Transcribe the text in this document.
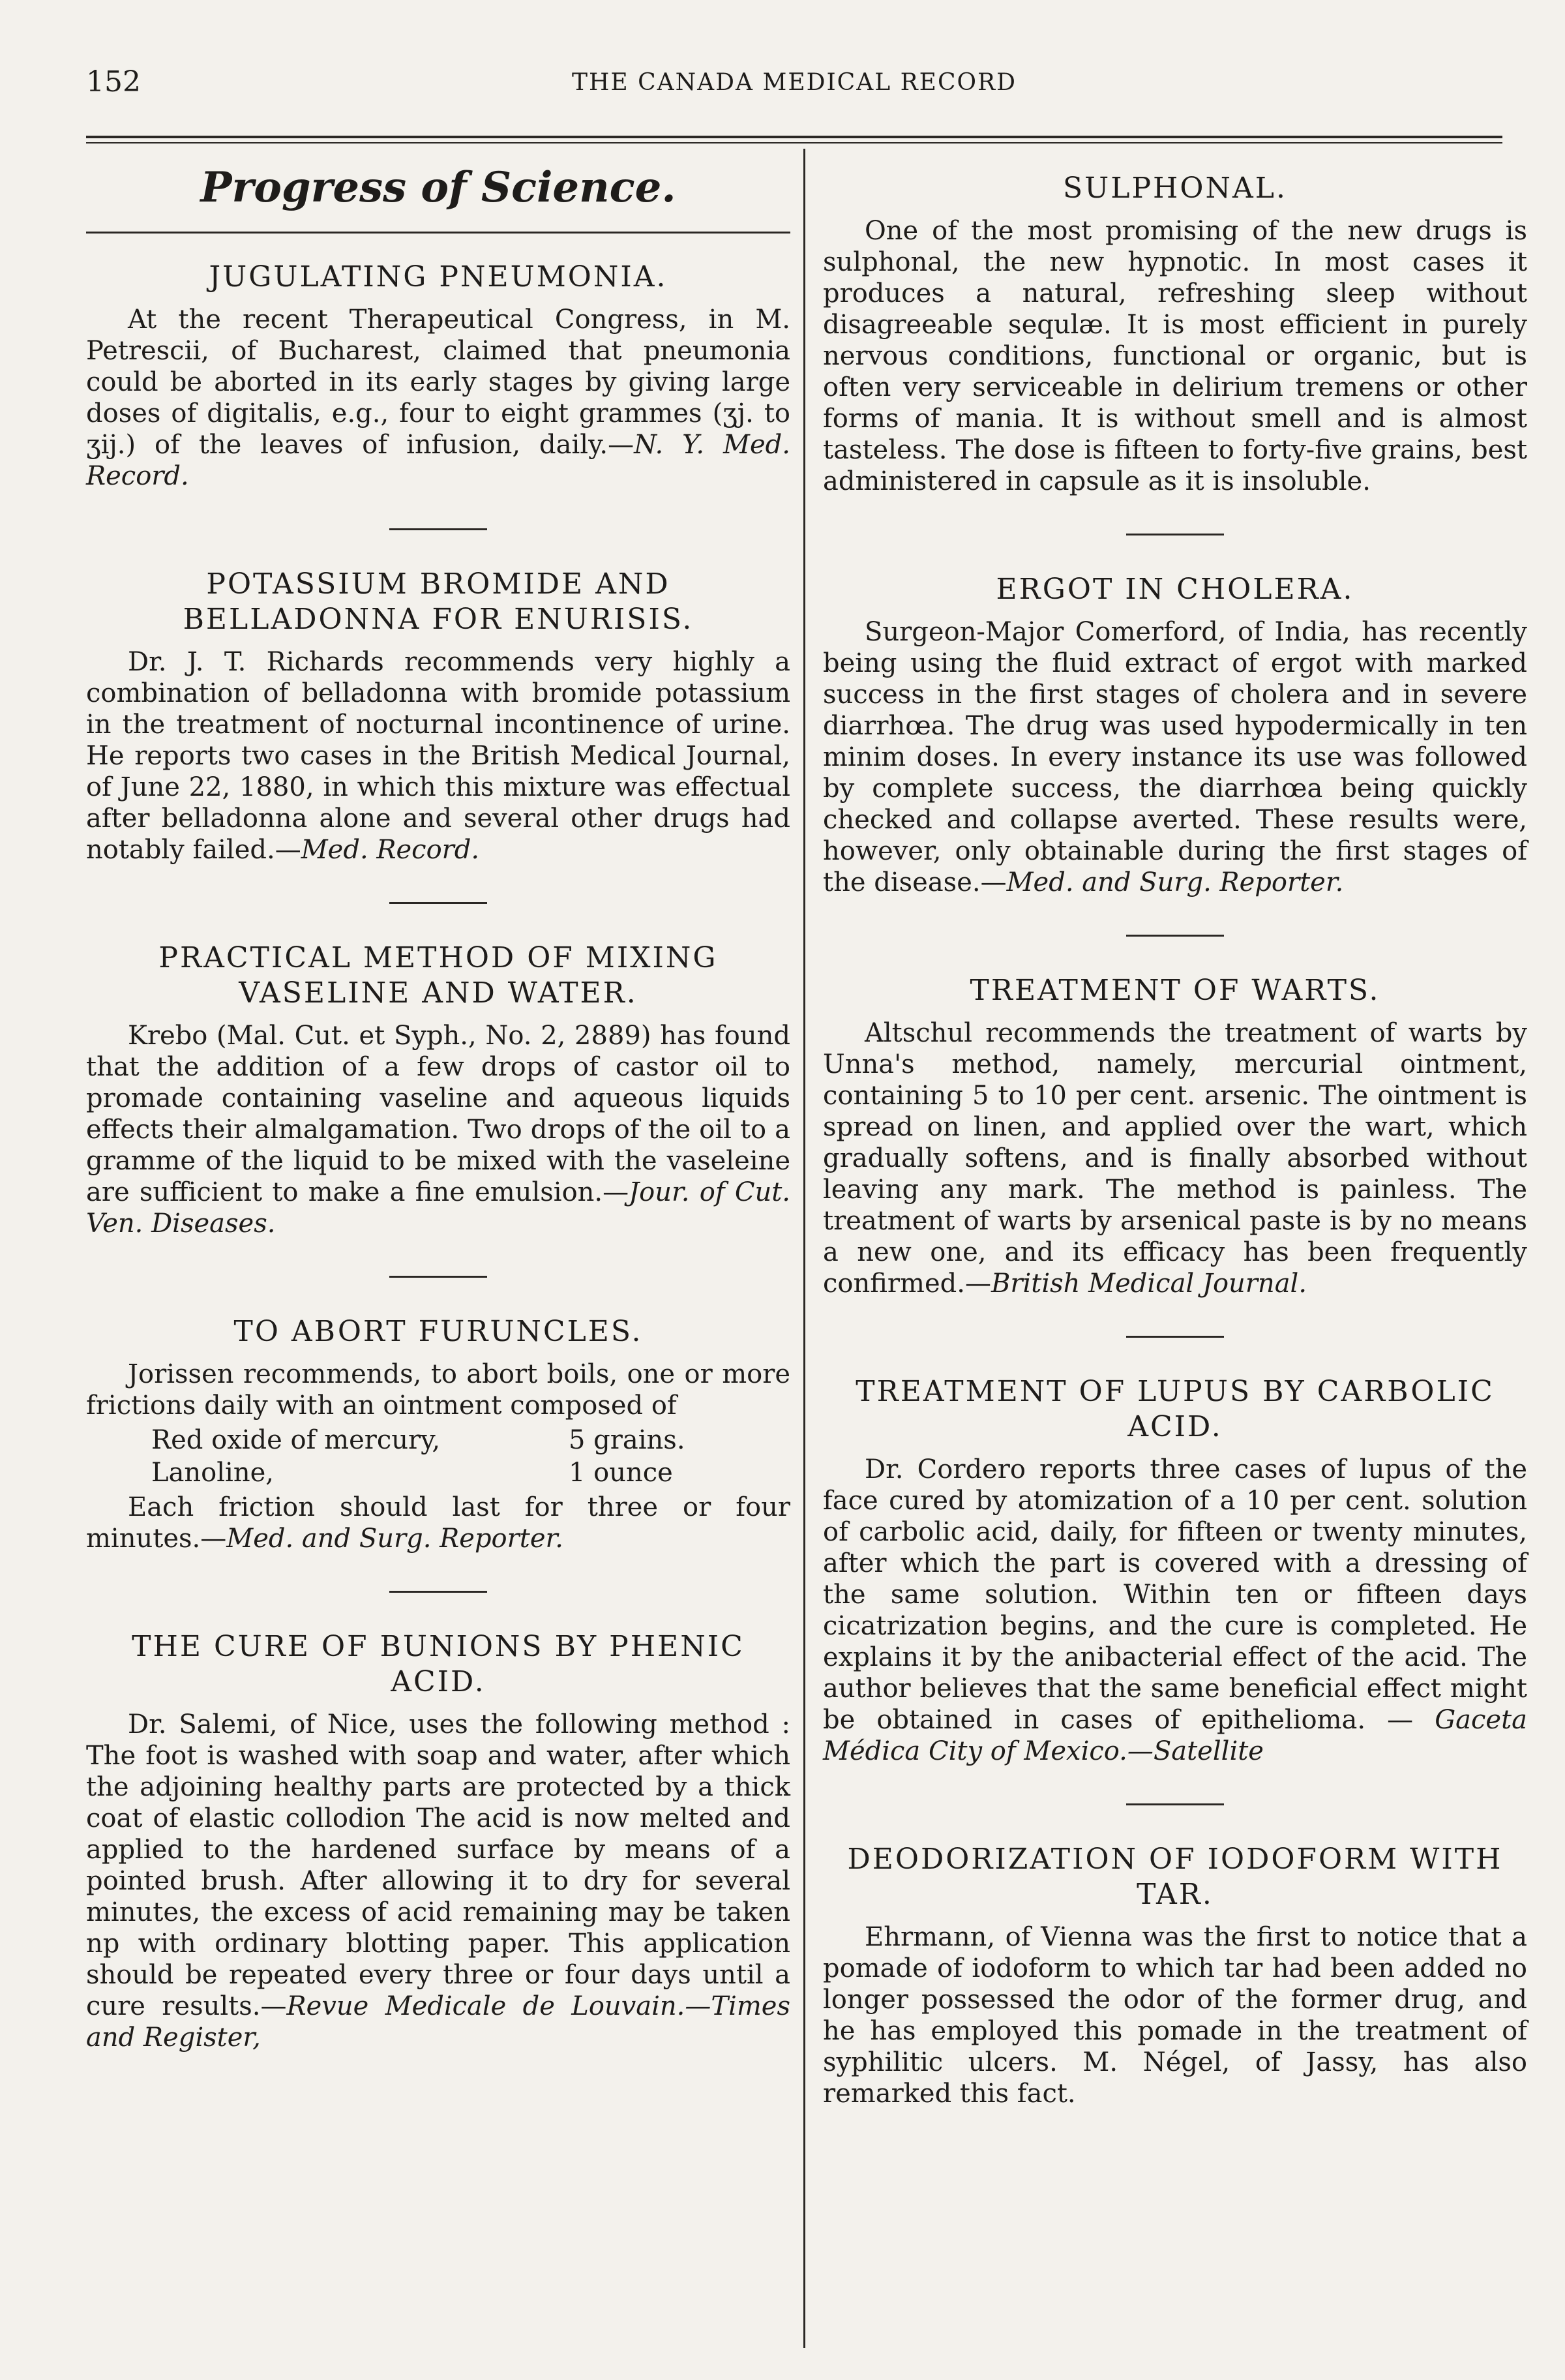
152	THE CANADA MEDICAL RECORD
Progress of Science.
JUGULATING PNEUMONIA.

At the recent Therapeutical Congress, in M. Petrescii, of Bucharest, claimed that pneumonia could be aborted in its early stages by giving large doses of digitalis, e.g., four to eight grammes (ʒj. to ʒij.) of the leaves of infusion, daily.—N. Y. Med. Record.

POTASSIUM BROMIDE AND BELLADONNA FOR ENURISIS.

Dr. J. T. Richards recommends very highly a combination of belladonna with bromide potassium in the treatment of nocturnal incontinence of urine. He reports two cases in the British Medical Journal, of June 22, 1880, in which this mixture was effectual after belladonna alone and several other drugs had notably failed.—Med. Record.

PRACTICAL METHOD OF MIXING VASELINE AND WATER.

Krebo (Mal. Cut. et Syph., No. 2, 2889) has found that the addition of a few drops of castor oil to promade containing vaseline and aqueous liquids effects their almalgamation. Two drops of the oil to a gramme of the liquid to be mixed with the vaseleine are sufficient to make a fine emulsion.—Jour. of Cut. Ven. Diseases.

TO ABORT FURUNCLES.

Jorissen recommends, to abort boils, one or more frictions daily with an ointment composed of

Red oxide of mercury,	5 grains.
Lanoline,	1 ounce

Each friction should last for three or four minutes.—Med. and Surg. Reporter.

THE CURE OF BUNIONS BY PHENIC ACID.

Dr. Salemi, of Nice, uses the following method : The foot is washed with soap and water, after which the adjoining healthy parts are protected by a thick coat of elastic collodion The acid is now melted and applied to the hardened surface by means of a pointed brush. After allowing it to dry for several minutes, the excess of acid remaining may be taken np with ordinary blotting paper. This application should be repeated every three or four days until a cure results.—Revue Medicale de Louvain.—Times and Register,

SULPHONAL.

One of the most promising of the new drugs is sulphonal, the new hypnotic. In most cases it produces a natural, refreshing sleep without disagreeable sequlæ. It is most efficient in purely nervous conditions, functional or organic, but is often very serviceable in delirium tremens or other forms of mania. It is without smell and is almost tasteless. The dose is fifteen to forty-five grains, best administered in capsule as it is insoluble.

ERGOT IN CHOLERA.

Surgeon-Major Comerford, of India, has recently being using the fluid extract of ergot with marked success in the first stages of cholera and in severe diarrhœa. The drug was used hypodermically in ten minim doses. In every instance its use was followed by complete success, the diarrhœa being quickly checked and collapse averted. These results were, however, only obtainable during the first stages of the disease.—Med. and Surg. Reporter.

TREATMENT OF WARTS.

Altschul recommends the treatment of warts by Unna's method, namely, mercurial ointment, containing 5 to 10 per cent. arsenic. The ointment is spread on linen, and applied over the wart, which gradually softens, and is finally absorbed without leaving any mark. The method is painless. The treatment of warts by arsenical paste is by no means a new one, and its efficacy has been frequently confirmed.—British Medical Journal.

TREATMENT OF LUPUS BY CARBOLIC ACID.

Dr. Cordero reports three cases of lupus of the face cured by atomization of a 10 per cent. solution of carbolic acid, daily, for fifteen or twenty minutes, after which the part is covered with a dressing of the same solution. Within ten or fifteen days cicatrization begins, and the cure is completed. He explains it by the anibacterial effect of the acid. The author believes that the same beneficial effect might be obtained in cases of epithelioma. — Gaceta Médica City of Mexico.—Satellite

DEODORIZATION OF IODOFORM WITH TAR.

Ehrmann, of Vienna was the first to notice that a pomade of iodoform to which tar had been added no longer possessed the odor of the former drug, and he has employed this pomade in the treatment of syphilitic ulcers. M. Négel, of Jassy, has also remarked this fact.
